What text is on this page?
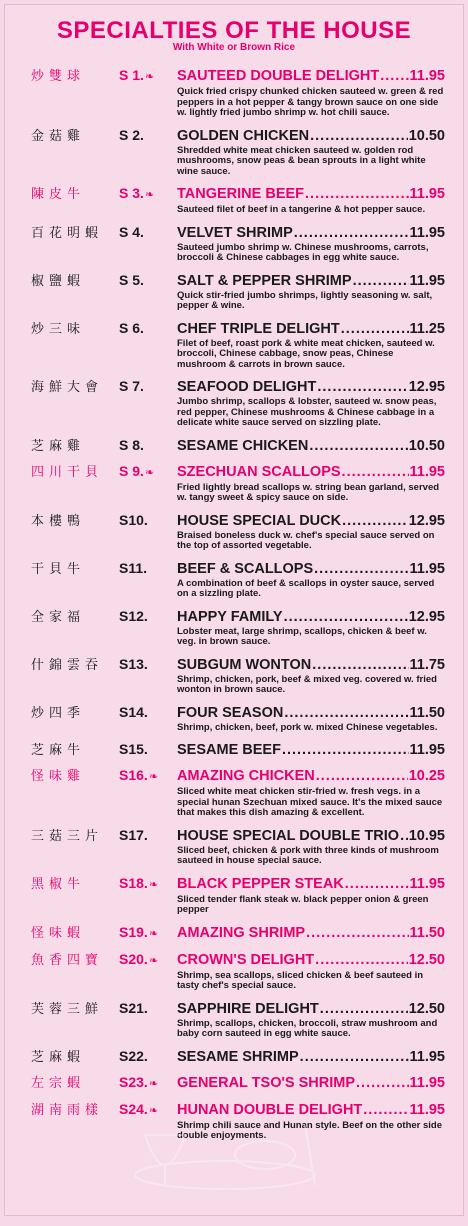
SPECIALTIES OF THE HOUSE
With White or Brown Rice
炒雙球	S 1.❧	SAUTEED DOUBLE DELIGHT ..... 11.95
Quick fried crispy chunked chicken sauteed w. green & red peppers in a hot pepper & tangy brown sauce on one side w. lightly fried jumbo shrimp w. hot chili sauce.
金菇雞	S 2.	GOLDEN CHICKEN .....	10.50
Shredded white meat chicken sauteed w. golden rod mushrooms, snow peas & bean sprouts in a light white wine sauce.
陳皮牛	S 3.❧	TANGERINE BEEF .....	11.95
Sauteed filet of beef in a tangerine & hot pepper sauce.
百花明蝦	S 4.	VELVET SHRIMP .....	11.95
Sauteed jumbo shrimp w. Chinese mushrooms, carrots, broccoli & Chinese cabbages in egg white sauce.
椒鹽蝦	S 5.	SALT & PEPPER SHRIMP .....	11.95
Quick stir-fried jumbo shrimps, lightly seasoning w. salt, pepper & wine.
炒三味	S 6.	CHEF TRIPLE DELIGHT .....	11.25
Filet of beef, roast pork & white meat chicken, sauteed w. broccoli, Chinese cabbage, snow peas, Chinese mushroom & carrots in brown sauce.
海鮮大會	S 7.	SEAFOOD DELIGHT .....	12.95
Jumbo shrimp, scallops & lobster, sauteed w. snow peas, red pepper, Chinese mushrooms & Chinese cabbage in a delicate white sauce served on sizzling plate.
芝麻雞	S 8.	SESAME CHICKEN .....	10.50
四川干貝	S 9.❧	SZECHUAN SCALLOPS .....	11.95
Fried lightly bread scallops w. string bean garland, served w. tangy sweet & spicy sauce on side.
本樓鴨	S10.	HOUSE SPECIAL DUCK .....	12.95
Braised boneless duck w. chef's special sauce served on the top of assorted vegetable.
干貝牛	S11.	BEEF & SCALLOPS .....	11.95
A combination of beef & scallops in oyster sauce, served on a sizzling plate.
全家福	S12.	HAPPY FAMILY .....	12.95
Lobster meat, large shrimp, scallops, chicken & beef w. veg. in brown sauce.
什錦雲吞	S13.	SUBGUM WONTON .....	11.75
Shrimp, chicken, pork, beef & mixed veg. covered w. fried wonton in brown sauce.
炒四季	S14.	FOUR SEASON .....	11.50
Shrimp, chicken, beef, pork w. mixed Chinese vegetables.
芝麻牛	S15.	SESAME BEEF .....	11.95
怪味雞	S16.❧	AMAZING CHICKEN .....	10.25
Sliced white meat chicken stir-fried w. fresh vegs. in a special hunan Szechuan mixed sauce. It's the mixed sauce that makes this dish amazing & excellent.
三菇三片	S17.	HOUSE SPECIAL DOUBLE TRIO ..... 10.95
Sliced beef, chicken & pork with three kinds of mushroom sauteed in house special sauce.
黑椒牛	S18.❧	BLACK PEPPER STEAK .....	11.95
Sliced tender flank steak w. black pepper onion & green pepper
怪味蝦	S19.❧	AMAZING SHRIMP .....	11.50
魚香四寶	S20.❧	CROWN'S DELIGHT .....	12.50
Shrimp, sea scallops, sliced chicken & beef sauteed in tasty chef's special sauce.
芙蓉三鮮	S21.	SAPPHIRE DELIGHT .....	12.50
Shrimp, scallops, chicken, broccoli, straw mushroom and baby corn sauteed in egg white sauce.
芝麻蝦	S22.	SESAME SHRIMP .....	11.95
左宗蝦	S23.❧	GENERAL TSO'S SHRIMP .....	11.95
湖南雨樣	S24.❧	HUNAN DOUBLE DELIGHT .....	11.95
Shrimp chili sauce and Hunan style. Beef on the other side double enjoyments.
